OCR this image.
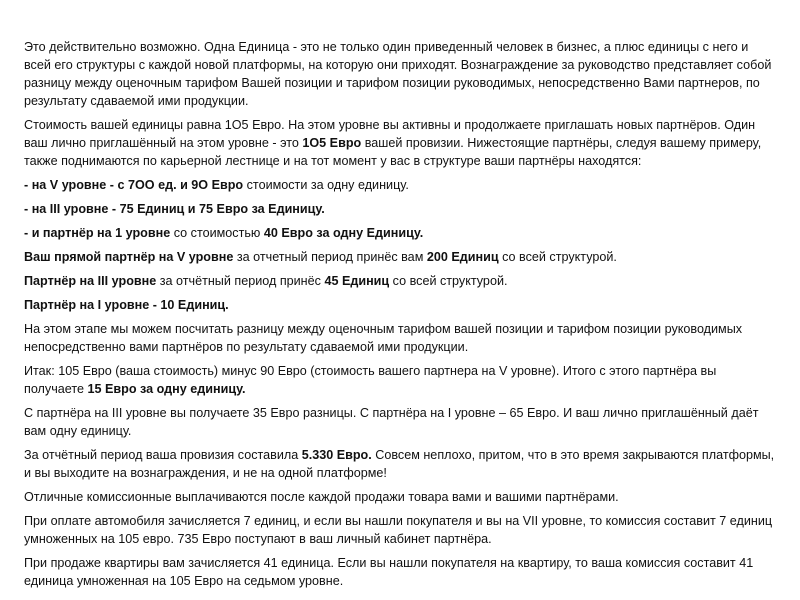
Это действительно возможно. Одна Единица - это не только один приведенный человек в бизнес, а плюс единицы с него и всей его структуры с каждой новой платформы, на которую они приходят. Вознаграждение за руководство представляет собой разницу между оценочным тарифом Вашей позиции и тарифом позиции руководимых, непосредственно Вами партнеров, по результату сдаваемой ими продукции.

Стоимость вашей единицы равна 1О5 Евро. На этом уровне вы активны и продолжаете приглашать новых партнёров. Один ваш лично приглашённый на этом уровне - это 1О5 Евро вашей провизии. Нижестоящие партнёры, следуя вашему примеру, также поднимаются по карьерной лестнице и на тот момент у вас в структуре ваши партнёры находятся:

- на V уровне - с 7ОО ед. и 9О Евро стоимости за одну единицу.

- на III уровне - 75 Единиц и 75 Евро за Единицу.

- и партнёр на 1 уровне со стоимостью 40 Евро за одну Единицу.

Ваш прямой партнёр на V уровне за отчетный период принёс вам 200 Единиц со всей структурой.

Партнёр на III уровне за отчётный период принёс 45 Единиц со всей структурой.

Партнёр на I уровне - 10 Единиц.

На этом этапе мы можем посчитать разницу между оценочным тарифом вашей позиции и тарифом позиции руководимых непосредственно вами партнёров по результату сдаваемой ими продукции.

Итак: 105 Евро (ваша стоимость) минус 90 Евро (стоимость вашего партнера на V уровне). Итого с этого партнёра вы получаете 15 Евро за одну единицу.

С партнёра на III уровне вы получаете 35 Евро разницы. С партнёра на I уровне – 65 Евро. И ваш лично приглашённый даёт вам одну единицу.

За отчётный период ваша провизия составила 5.330 Евро. Совсем неплохо, притом, что в это время закрываются платформы, и вы выходите на вознаграждения, и не на одной платформе!

Отличные комиссионные выплачиваются после каждой продажи товара вами и вашими партнёрами.

При оплате автомобиля зачисляется 7 единиц, и если вы нашли покупателя и вы на VII уровне, то комиссия составит 7 единиц умноженных на 105 евро. 735 Евро поступают в ваш личный кабинет партнёра.

При продаже квартиры вам зачисляется 41 единица. Если вы нашли покупателя на квартиру, то ваша комиссия составит 41 единица умноженная на 105 Евро на седьмом уровне.
